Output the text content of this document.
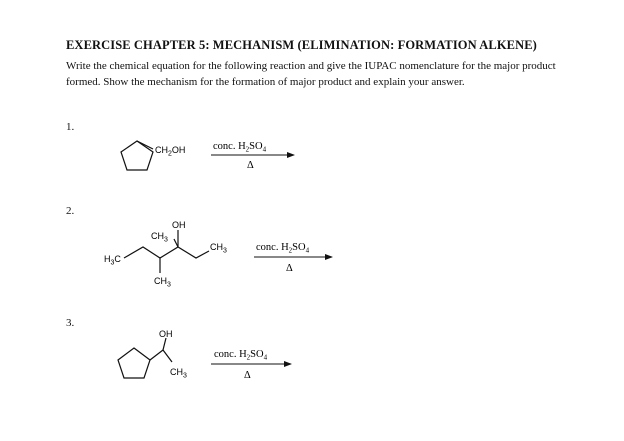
EXERCISE CHAPTER 5: MECHANISM (ELIMINATION: FORMATION ALKENE)
Write the chemical equation for the following reaction and give the IUPAC nomenclature for the major product formed. Show the mechanism for the formation of major product and explain your answer.
1.
2.
3.
$CH_2OH$	conc. $H_2SO_4$
Δ
OH
$CH_3$
$CH_3$
$H_3C$
$CH_3$
conc. $H_2SO_4$
Δ
OH
$CH_3$
conc. $H_2SO_4$
Δ
